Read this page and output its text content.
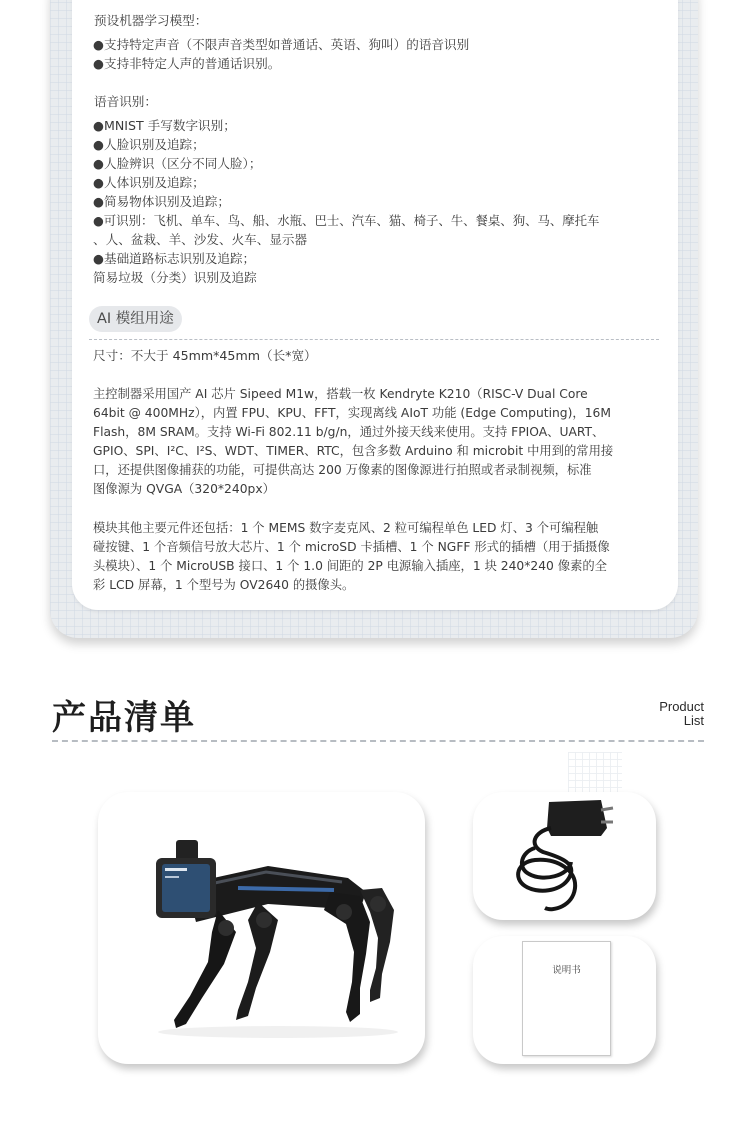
预设机器学习模型：
●支持特定声音（不限声音类型如普通话、英语、狗叫）的语音识别
●支持非特定人声的普通话识别。
语音识别：
●MNIST 手写数字识别；
●人脸识别及追踪；
●人脸辨识（区分不同人脸）；
●人体识别及追踪；
●简易物体识别及追踪；
●可识别：飞机、单车、鸟、船、水瓶、巴士、汽车、猫、椅子、牛、餐桌、狗、马、摩托车
、人、盆栽、羊、沙发、火车、显示器
●基础道路标志识别及追踪；
简易垃圾（分类）识别及追踪
AI 模组用途
尺寸：不大于 45mm*45mm（长*宽）
主控制器采用国产 AI 芯片 Sipeed M1w，搭载一枚 Kendryte K210（RISC-V Dual Core
64bit @ 400MHz），内置 FPU、KPU、FFT，实现离线 AIoT 功能 (Edge Computing)，16M
Flash，8M SRAM。支持 Wi-Fi 802.11 b/g/n，通过外接天线来使用。支持 FPIOA、UART、
GPIO、SPI、I²C、I²S、WDT、TIMER、RTC，包含多数 Arduino 和 microbit 中用到的常用接
口，还提供图像捕获的功能，可提供高达 200 万像素的图像源进行拍照或者录制视频，标准
图像源为 QVGA（320*240px）
模块其他主要元件还包括：1 个 MEMS 数字麦克风、2 粒可编程单色 LED 灯、3 个可编程触
碰按键、1 个音频信号放大芯片、1 个 microSD 卡插槽、1 个 NGFF 形式的插槽（用于插摄像
头模块）、1 个 MicroUSB 接口、1 个 1.0 间距的 2P 电源输入插座，1 块 240*240 像素的全
彩 LCD 屏幕，1 个型号为 OV2640 的摄像头。
产品清单	Product
List
说明书
